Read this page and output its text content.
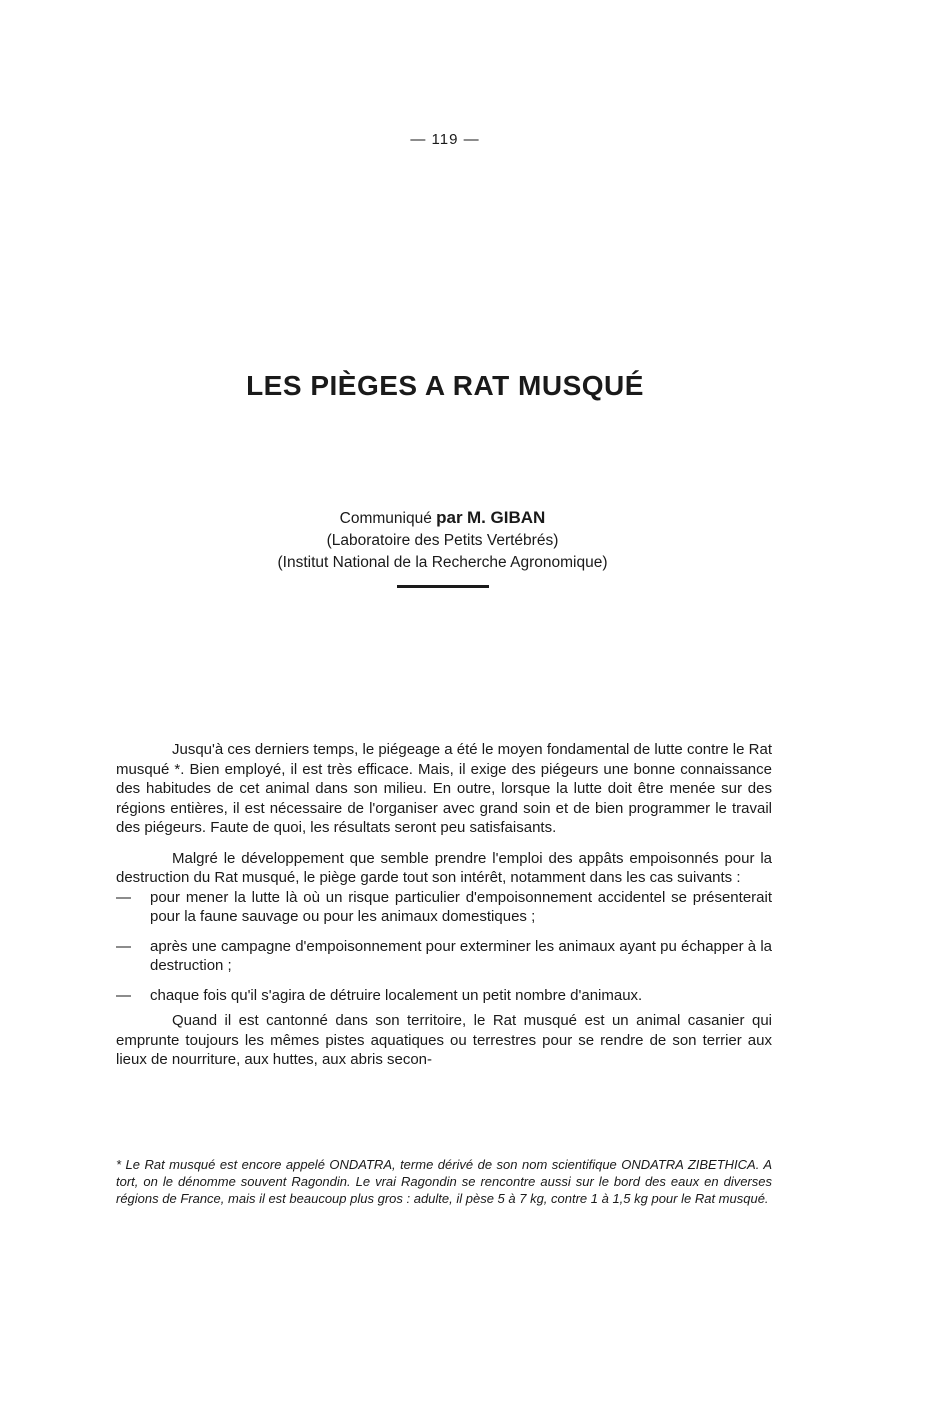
— 119 —
LES PIÈGES A RAT MUSQUÉ
Communiqué par M. GIBAN
(Laboratoire des Petits Vertébrés)
(Institut National de la Recherche Agronomique)

Jusqu'à ces derniers temps, le piégeage a été le moyen fondamental de lutte contre le Rat musqué *. Bien employé, il est très efficace. Mais, il exige des piégeurs une bonne connaissance des habitudes de cet animal dans son milieu. En outre, lorsque la lutte doit être menée sur des régions entières, il est nécessaire de l'organiser avec grand soin et de bien programmer le travail des piégeurs. Faute de quoi, les résultats seront peu satisfaisants.

Malgré le développement que semble prendre l'emploi des appâts empoisonnés pour la destruction du Rat musqué, le piège garde tout son intérêt, notamment dans les cas suivants :

— pour mener la lutte là où un risque particulier d'empoisonnement accidentel se présenterait pour la faune sauvage ou pour les animaux domestiques ;
— après une campagne d'empoisonnement pour exterminer les animaux ayant pu échapper à la destruction ;
— chaque fois qu'il s'agira de détruire localement un petit nombre d'animaux.

Quand il est cantonné dans son territoire, le Rat musqué est un animal casanier qui emprunte toujours les mêmes pistes aquatiques ou terrestres pour se rendre de son terrier aux lieux de nourriture, aux huttes, aux abris secon-

* Le Rat musqué est encore appelé ONDATRA, terme dérivé de son nom scientifique ONDATRA ZIBETHICA. A tort, on le dénomme souvent Ragondin. Le vrai Ragondin se rencontre aussi sur le bord des eaux en diverses régions de France, mais il est beaucoup plus gros : adulte, il pèse 5 à 7 kg, contre 1 à 1,5 kg pour le Rat musqué.
